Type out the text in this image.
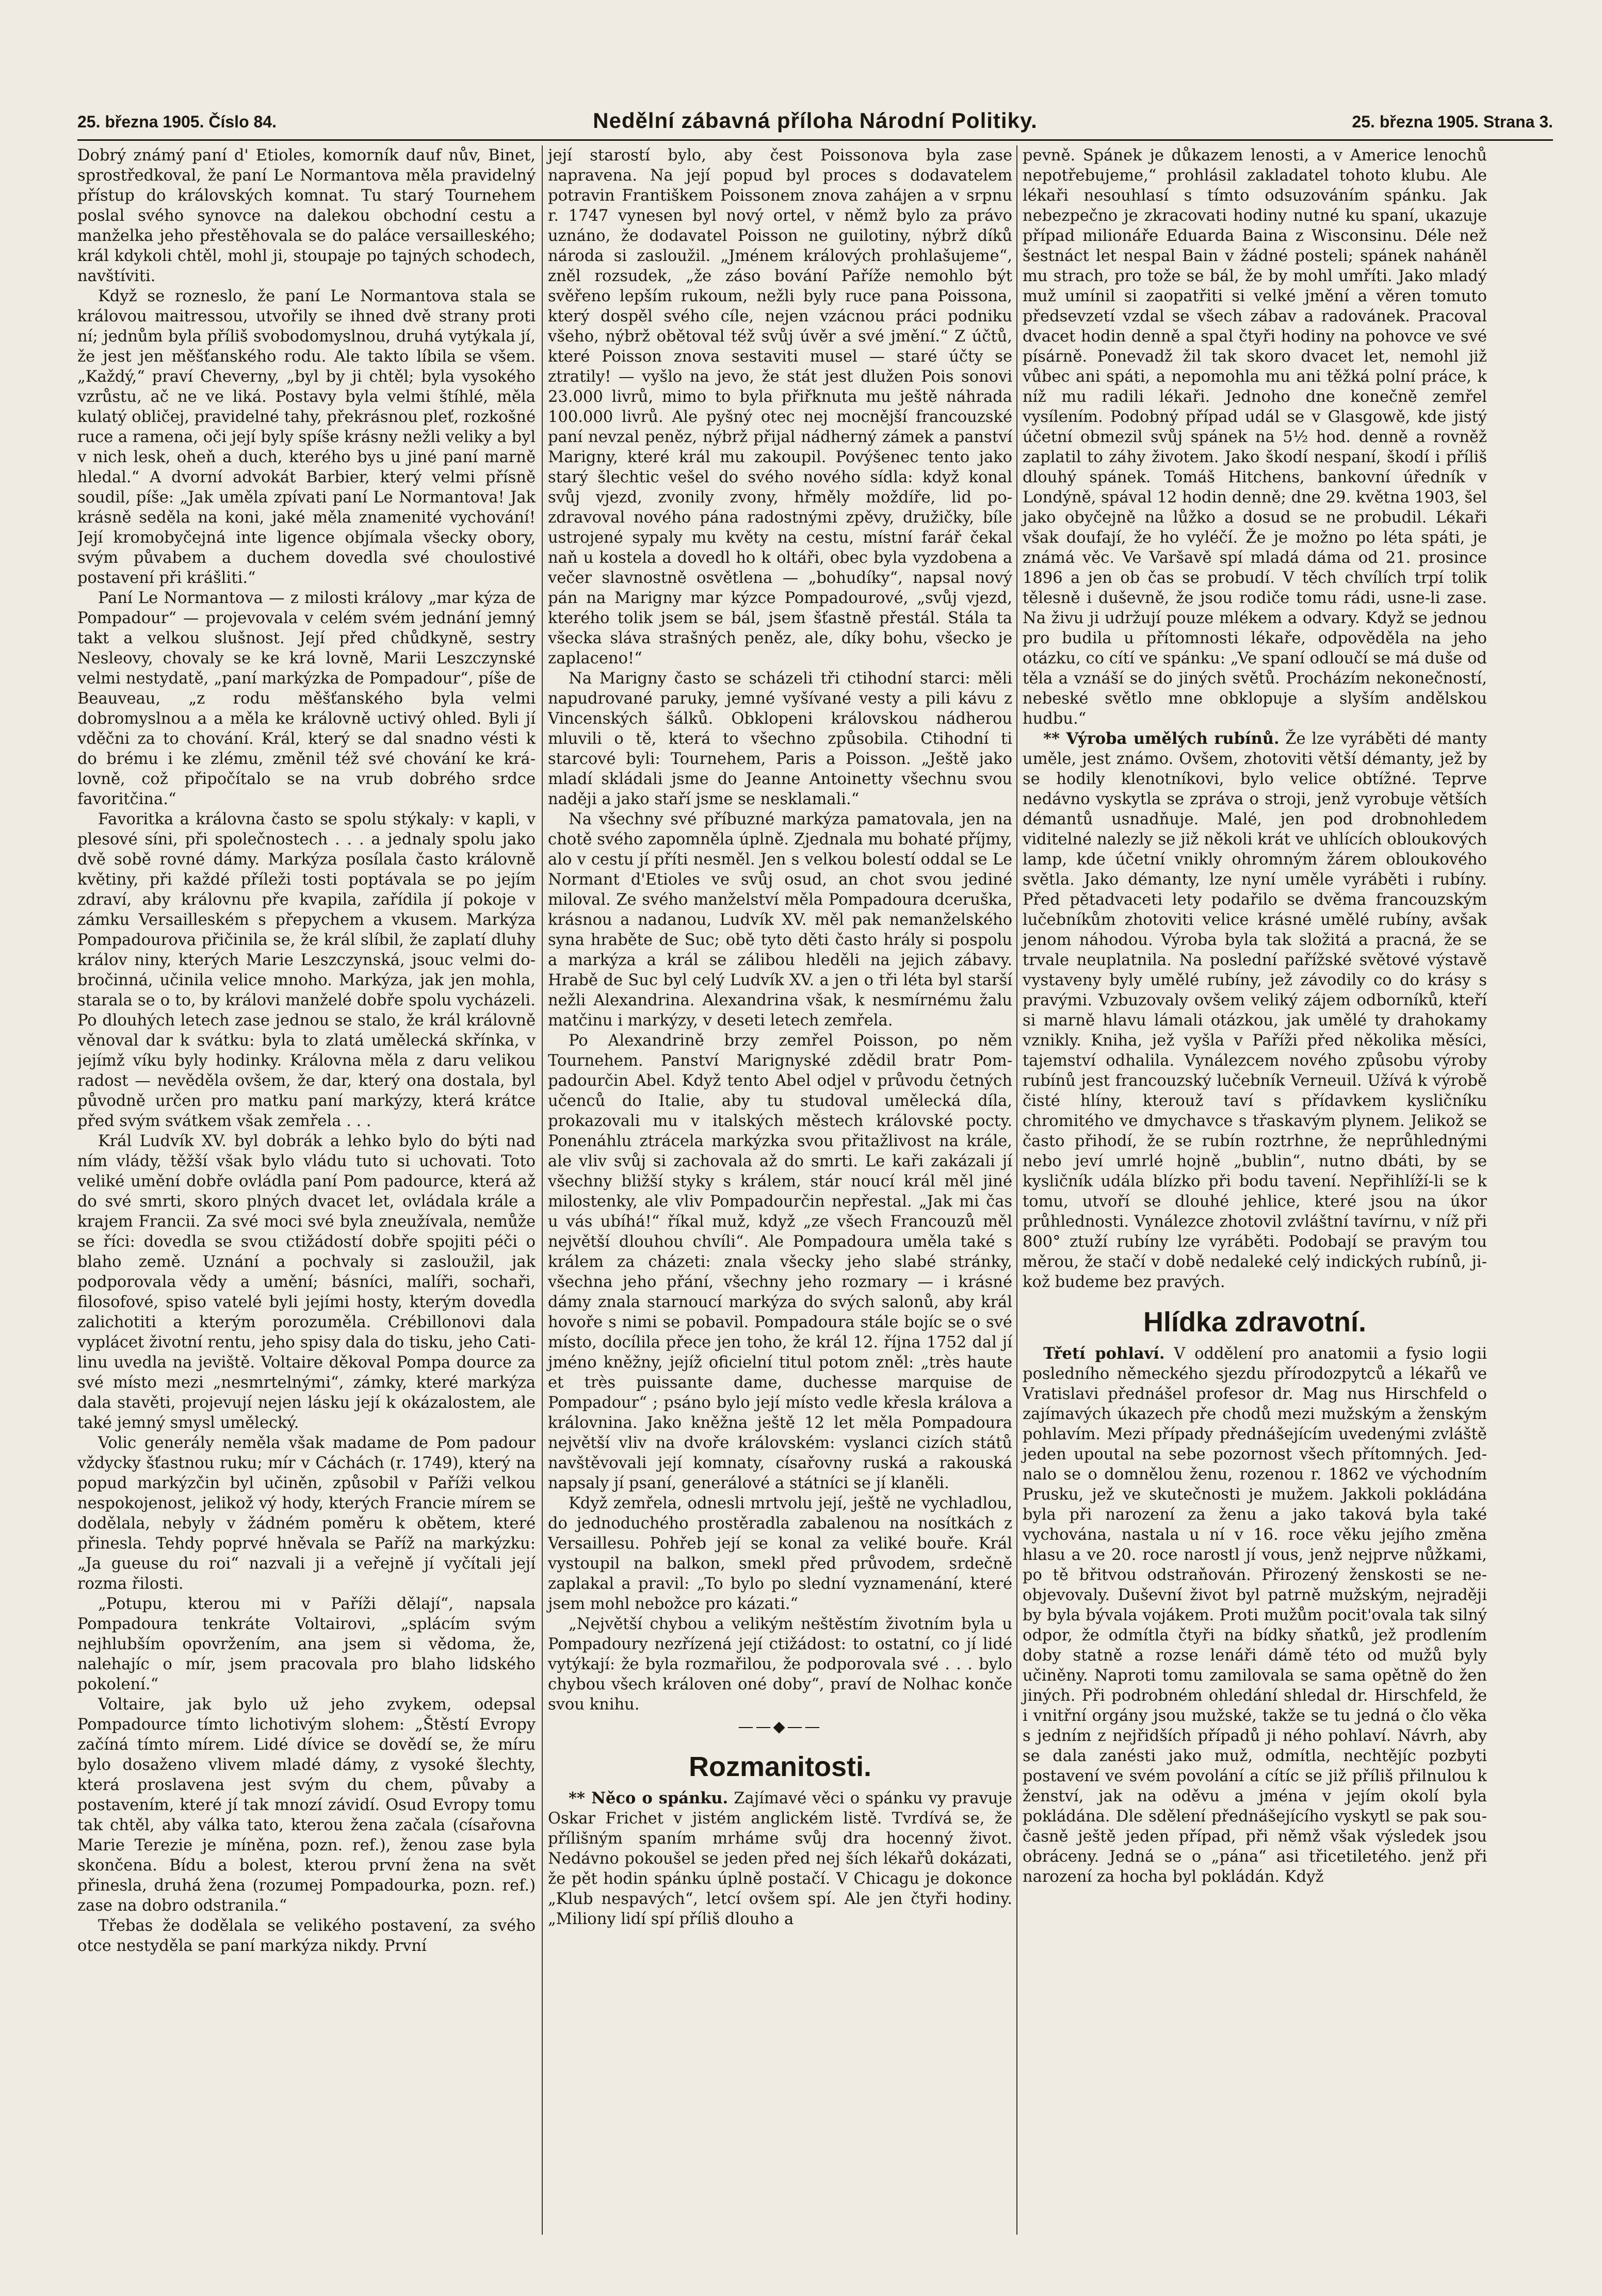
25. března 1905. Číslo 84.	Nedělní zábavná příloha Národní Politiky.	25. března 1905. Strana 3.

Dobrý známý paní d' Etioles, komorník dauf nův, Binet, sprostředkoval, že paní Le Normantova měla pravidelný přístup do královských komnat. Tu starý Tournehem poslal svého synovce na dalekou obchodní cestu a manželka jeho přestěhovala se do paláce versailleského; král kdykoli chtěl, mohl ji, stoupaje po tajných schodech, navštíviti.

Když se rozneslo, že paní Le Normantova stala se královou maitressou, utvořily se ihned dvě strany proti ní; jednům byla příliš svobodomyslnou, druhá vytýkala jí, že jest jen měšťanského rodu. Ale takto líbila se všem. „Každý,“ praví Cheverny, „byl by ji chtěl; byla vysokého vzrůstu, ač ne ve liká. Postavy byla velmi štíhlé, měla kulatý obličej, pravidelné tahy, překrásnou pleť, rozkošné ruce a ramena, oči její byly spíše krásny nežli veliky a byl v nich lesk, oheň a duch, kterého bys u jiné paní marně hledal.“ A dvorní advokát Barbier, který velmi přísně soudil, píše: „Jak uměla zpívati paní Le Normantova! Jak krásně seděla na koni, jaké měla znamenité vychování! Její kromobyčejná inte ligence objímala všecky obory, svým půvabem a duchem dovedla své choulostivé postavení při krášliti.“

Paní Le Normantova — z milosti královy „mar kýza de Pompadour“ — projevovala v celém svém jednání jemný takt a velkou slušnost. Její před chůdkyně, sestry Nesleovy, chovaly se ke krá lovně, Marii Leszczynské velmi nestydatě, „paní markýzka de Pompadour“, píše de Beauveau, „z rodu měšťanského byla velmi dobromyslnou a a měla ke královně uctivý ohled. Byli jí vděčni za to chování. Král, který se dal snadno vésti k do brému i ke zlému, změnil též své chování ke krá lovně, což připočítalo se na vrub dobrého srdce favoritčina.“

Favoritka a královna často se spolu stýkaly: v kapli, v plesové síni, při společnostech . . . a jednaly spolu jako dvě sobě rovné dámy. Markýza posílala často královně květiny, při každé příleži tosti poptávala se po jejím zdraví, aby královnu pře kvapila, zařídila jí pokoje v zámku Versailleském s přepychem a vkusem. Markýza Pompadourova přičinila se, že král slíbil, že zaplatí dluhy králov niny, kterých Marie Leszczynská, jsouc velmi do bročinná, učinila velice mnoho. Markýza, jak jen mohla, starala se o to, by královi manželé dobře spolu vycházeli. Po dlouhých letech zase jednou se stalo, že král královně věnoval dar k svátku: byla to zlatá umělecká skřínka, v jejímž víku byly hodinky. Královna měla z daru velikou radost — nevěděla ovšem, že dar, který ona dostala, byl původně určen pro matku paní markýzy, která krátce před svým svátkem však zemřela . . .

Král Ludvík XV. byl dobrák a lehko bylo do býti nad ním vlády, těžší však bylo vládu tuto si uchovati. Toto veliké umění dobře ovládla paní Pom padource, která až do své smrti, skoro plných dvacet let, ovládala krále a krajem Francii. Za své moci své byla zneužívala, nemůže se říci: dovedla se svou ctižádostí dobře spojiti péči o blaho země. Uznání a pochvaly si zasloužil, jak podporovala vědy a umění; básníci, malíři, sochaři, filosofové, spiso vatelé byli jejími hosty, kterým dovedla zalichotiti a kterým porozuměla. Crébillonovi dala vyplácet životní rentu, jeho spisy dala do tisku, jeho Cati linu uvedla na jeviště. Voltaire děkoval Pompa dource za své místo mezi „nesmrtelnými“, zámky, které markýza dala stavěti, projevují nejen lásku její k okázalostem, ale také jemný smysl umělecký.

Volic generály neměla však madame de Pom padour vždycky šťastnou ruku; mír v Cáchách (r. 1749), který na popud markýzčin byl učiněn, způsobil v Paříži velkou nespokojenost, jelikož vý hody, kterých Francie mírem se dodělala, nebyly v žádném poměru k obětem, které přinesla. Tehdy poprvé hněvala se Paříž na markýzku: „Ja gueuse du roi“ nazvali ji a veřejně jí vyčítali její rozma řilosti.

„Potupu, kterou mi v Paříži dělají“, napsala Pompadoura tenkráte Voltairovi, „splácím svým nejhlubším opovržením, ana jsem si vědoma, že, nalehajíc o mír, jsem pracovala pro blaho lidského pokolení.“

Voltaire, jak bylo už jeho zvykem, odepsal Pompadource tímto lichotivým slohem: „Štěstí Evropy začíná tímto mírem. Lidé dívice se dovědí se, že míru bylo dosaženo vlivem mladé dámy, z vysoké šlechty, která proslavena jest svým du chem, půvaby a postavením, které jí tak mnozí závidí. Osud Evropy tomu tak chtěl, aby válka tato, kterou žena začala (císařovna Marie Terezie je míněna, pozn. ref.), ženou zase byla skončena. Bídu a bolest, kterou první žena na svět přinesla, druhá žena (rozumej Pompadourka, pozn. ref.) zase na dobro odstranila.“

Třebas že dodělala se velikého postavení, za svého otce nestyděla se paní markýza nikdy. První

její starostí bylo, aby čest Poissonova byla zase napravena. Na její popud byl proces s dodavatelem potravin Františkem Poissonem znova zahájen a v srpnu r. 1747 vynesen byl nový ortel, v němž bylo za právo uznáno, že dodavatel Poisson ne guilotiny, nýbrž díků národa si zasloužil. „Jménem králových prohlašujeme“, zněl rozsudek, „že záso bování Paříže nemohlo být svěřeno lepším rukoum, nežli byly ruce pana Poissona, který dospěl svého cíle, nejen vzácnou práci podniku všeho, nýbrž obětoval též svůj úvěr a své jmění.“ Z účtů, které Poisson znova sestaviti musel — staré účty se ztratily! — vyšlo na jevo, že stát jest dlužen Pois sonovi 23.000 livrů, mimo to byla přiřknuta mu ještě náhrada 100.000 livrů. Ale pyšný otec nej mocnější francouzské paní nevzal peněz, nýbrž přijal nádherný zámek a panství Marigny, které král mu zakoupil. Povýšeneс tento jako starý šlechtic vešel do svého nového sídla: když konal svůj vjezd, zvonily zvony, hřměly moždíře, lid po zdravoval nového pána radostnými zpěvy, družičky, bíle ustrojené sypaly mu květy na cestu, místní farář čekal naň u kostela a dovedl ho k oltáři, obec byla vyzdobena a večer slavnostně osvětlena — „bohudíky“, napsal nový pán na Marigny mar kýzce Pompadourové, „svůj vjezd, kterého tolik jsem se bál, jsem šťastně přestál. Stála ta všecka sláva strašných peněz, ale, díky bohu, všecko je zaplaceno!“

Na Marigny často se scházeli tři ctihodní starci: měli napudrované paruky, jemné vyšívané vesty a pili kávu z Vincenských šálků. Obklopeni královskou nádherou mluvili o tě, která to všechno způsobila. Ctihodní ti starcové byli: Tournehem, Paris a Poisson. „Ještě jako mladí skládali jsme do Jeanne Antoinetty všechnu svou naději a jako staří jsme se nesklamali.“

Na všechny své příbuzné markýza pamatovala, jen na chotě svého zapomněla úplně. Zjednala mu bohaté příjmy, alo v cestu jí příti nesměl. Jen s velkou bolestí oddal se Le Normant d'Etioles ve svůj osud, an chot svou jediné miloval. Ze svého manželství měla Pompadoura dceruška, krásnou a nadanou, Ludvík XV. měl pak nemanželského syna hraběte de Suc; obě tyto děti často hrály si pospolu a markýza a král se zálibou hleděli na jejich zábavy. Hrabě de Suc byl celý Ludvík XV. a jen o tři léta byl starší nežli Alexandrina. Alexandrina však, k nesmírnému žalu matčinu i markýzy, v deseti letech zemřela.

Po Alexandrině brzy zemřel Poisson, po něm Tournehem. Panství Marignyské zdědil bratr Pom padourčin Abel. Když tento Abel odjel v průvodu četných učenců do Italie, aby tu studoval umělecká díla, prokazovali mu v italských městech královské pocty. Ponenáhlu ztrácela markýzka svou přitažlivost na krále, ale vliv svůj si zachovala až do smrti. Le kaři zakázali jí všechny bližší styky s králem, stár noucí král měl jiné milostenky, ale vliv Pompadourčin nepřestal. „Jak mi čas u vás ubíhá!“ říkal muž, když „ze všech Francouzů měl největší dlouhou chvíli“. Ale Pompadoura uměla také s králem za cházeti: znala všecky jeho slabé stránky, všechna jeho přání, všechny jeho rozmary — i krásné dámy znala starnoucí markýza do svých salonů, aby král hovoře s nimi se pobavil. Pompadoura stále bojíc se o své místo, docílila přece jen toho, že král 12. října 1752 dal jí jméno kněžny, jejíž oficielní titul potom zněl: „très haute et très puissante dame, duchesse marquise de Pompadour“ ; psáno bylo její místo vedle křesla králova a královnina. Jako kněžna ještě 12 let měla Pompadoura největší vliv na dvoře královském: vyslanci cizích států navštěvovali její komnaty, císařovny ruská a rakouská napsaly jí psaní, generálové a státníci se jí klaněli.

Když zemřela, odnesli mrtvolu její, ještě ne vychladlou, do jednoduchého prostěradla zabalenou na nosítkách z Versaillesu. Pohřeb její se konal za veliké bouře. Král vystoupil na balkon, smekl před průvodem, srdečně zaplakal a pravil: „To bylo po slední vyznamenání, které jsem mohl nebožce pro kázati.“

„Největší chybou a velikým neštěstím životním byla u Pompadoury nezřízená její ctižádost: to ostatní, co jí lidé vytýkají: že byla rozmařilou, že podporovala své . . . bylo chybou všech královen oné doby“, praví de Nolhac konče svou knihu.

——◆——
Rozmanitosti.

** Něco o spánku. Zajímavé věci o spánku vy pravuje Oskar Frichet v jistém anglickém listě. Tvrdívá se, že přílišným spaním mrháme svůj dra hocenný život. Nedávno pokoušel se jeden před nej ších lékařů dokázati, že pět hodin spánku úplně postačí. V Chicagu je dokonce „Klub nespavých“, letcí ovšem spí. Ale jen čtyři hodiny. „Miliony lidí spí příliš dlouho a

pevně. Spánek je důkazem lenosti, a v Americe lenochů nepotřebujeme,“ prohlásil zakladatel tohoto klubu. Ale lékaři nesouhlasí s tímto odsuzováním spánku. Jak nebezpečno je zkracovati hodiny nutné ku spaní, ukazuje případ milionáře Eduarda Baina z Wisconsinu. Déle než šestnáct let nespal Bain v žádné posteli; spánek naháněl mu strach, pro tože se bál, že by mohl umříti. Jako mladý muž umínil si zaopatřiti si velké jmění a věren tomuto předsevzetí vzdal se všech zábav a radovánek. Pracoval dvacet hodin denně a spal čtyři hodiny na pohovce ve své písárně. Ponevadž žil tak skoro dvacet let, nemohl již vůbec ani spáti, a nepomohla mu ani těžká polní práce, k níž mu radili lékaři. Jednoho dne konečně zemřel vysílením. Podobný případ udál se v Glasgowě, kde jistý účetní obmezil svůj spánek na 5½ hod. denně a rovněž zaplatil to záhy životem. Jako škodí nespaní, škodí i příliš dlouhý spánek. Tomáš Hitchens, bankovní úředník v Londýně, spával 12 hodin denně; dne 29. května 1903, šel jako obyčejně na lůžko a dosud se ne probudil. Lékaři však doufají, že ho vyléčí. Že je možno po léta spáti, je známá věc. Ve Varšavě spí mladá dáma od 21. prosince 1896 a jen ob čas se probudí. V těch chvílích trpí tolik tělesně i duševně, že jsou rodiče tomu rádi, usne-li zase. Na živu ji udržují pouze mlékem a odvary. Když se jednou pro budila u přítomnosti lékaře, odpověděla na jeho otázku, co cítí ve spánku: „Ve spaní odloučí se má duše od těla a vznáší se do jiných světů. Procházím nekonečností, nebeské světlo mne obklopuje a slyším andělskou hudbu.“

** Výroba umělých rubínů. Že lze vyráběti dé manty uměle, jest známo. Ovšem, zhotoviti větší démanty, jež by se hodily klenotníkovi, bylo velice obtížné. Teprve nedávno vyskytla se zpráva o stroji, jenž vyrobuje větších démantů usnadňuje. Malé, jen pod drobnohledem viditelné nalezly se již několi krát ve uhlících obloukových lamp, kde účetní vnikly ohromným žárem obloukového světla. Jako démanty, lze nyní uměle vyráběti i rubíny. Před pětadvaceti lety podařilo se dvěma francouzským lučebníkům zhotoviti velice krásné umělé rubíny, avšak jenom náhodou. Výroba byla tak složitá a pracná, že se trvale neuplatnila. Na poslední pařížské světové výstavě vystaveny byly umělé rubíny, jež závodily co do krásy s pravými. Vzbuzovaly ovšem veliký zájem odborníků, kteří si marně hlavu lámali otázkou, jak umělé ty drahokamy vznikly. Kniha, jež vyšla v Paříži před několika měsíci, tajemství odhalila. Vynálezcem nového způsobu výroby rubínů jest francouzský lučebník Verneuil. Užívá k výrobě čisté hlíny, kterouž taví s přídavkem kysličníku chromitého ve dmychavce s třaskavým plynem. Jelikož se často přihodí, že se rubín roztrhne, že neprůhlednými nebo jeví umrlé hojně „bublin“, nutno dbáti, by se kysličník udála blízko při bodu tavení. Nepřihlíží-li se k tomu, utvoří se dlouhé jehlice, které jsou na úkor průhlednosti. Vynálezce zhotovil zvláštní tavírnu, v níž při 800° ztuží rubíny lze vyráběti. Podobají se pravým tou měrou, že stačí v době nedaleké celý indických rubínů, ji kož budeme bez pravých.

Hlídka zdravotní.

Třetí pohlaví. V oddělení pro anatomii a fysio logii posledního německého sjezdu přírodozpytců a lékařů ve Vratislavi přednášel profesor dr. Mag nus Hirschfeld o zajímavých úkazech pře chodů mezi mužským a ženským pohlavím. Mezi případy přednášejícím uvedenými zvláště jeden upoutal na sebe pozornost všech přítomných. Jed nalo se o domnělou ženu, rozenou r. 1862 ve východním Prusku, jež ve skutečnosti je mužem. Jakkoli pokládána byla při narození za ženu a jako taková byla také vychována, nastala u ní v 16. roce věku jejího změna hlasu a ve 20. roce narostl jí vous, jenž nejprve nůžkami, po tě břitvou odstraňován. Přirozený ženskosti se ne objevovaly. Duševní život byl patrně mužským, nejraději by byla bývala vojákem. Proti mužům pocit'ovala tak silný odpor, že odmítla čtyři na bídky sňatků, jež prodlením doby statně a rozse lenáři dámě této od mužů byly učiněny. Naproti tomu zamilovala se sama opětně do žen jiných. Při podrobném ohledání shledal dr. Hirschfeld, že i vnitřní orgány jsou mužské, takže se tu jedná o člo věka s jedním z nejřidších případů ji ného pohlaví. Návrh, aby se dala zanésti jako muž, odmítla, nechtějíc pozbyti postavení ve svém povolání a cítíc se již příliš přilnulou k ženství, jak na oděvu a jména v jejím okolí byla pokládána. Dle sdělení přednášejícího vyskytl se pak sou časně ještě jeden případ, při němž však výsledek jsou obráceny. Jedná se o „pána“ asi třicetiletého. jenž při narození za hocha byl pokládán. Když
